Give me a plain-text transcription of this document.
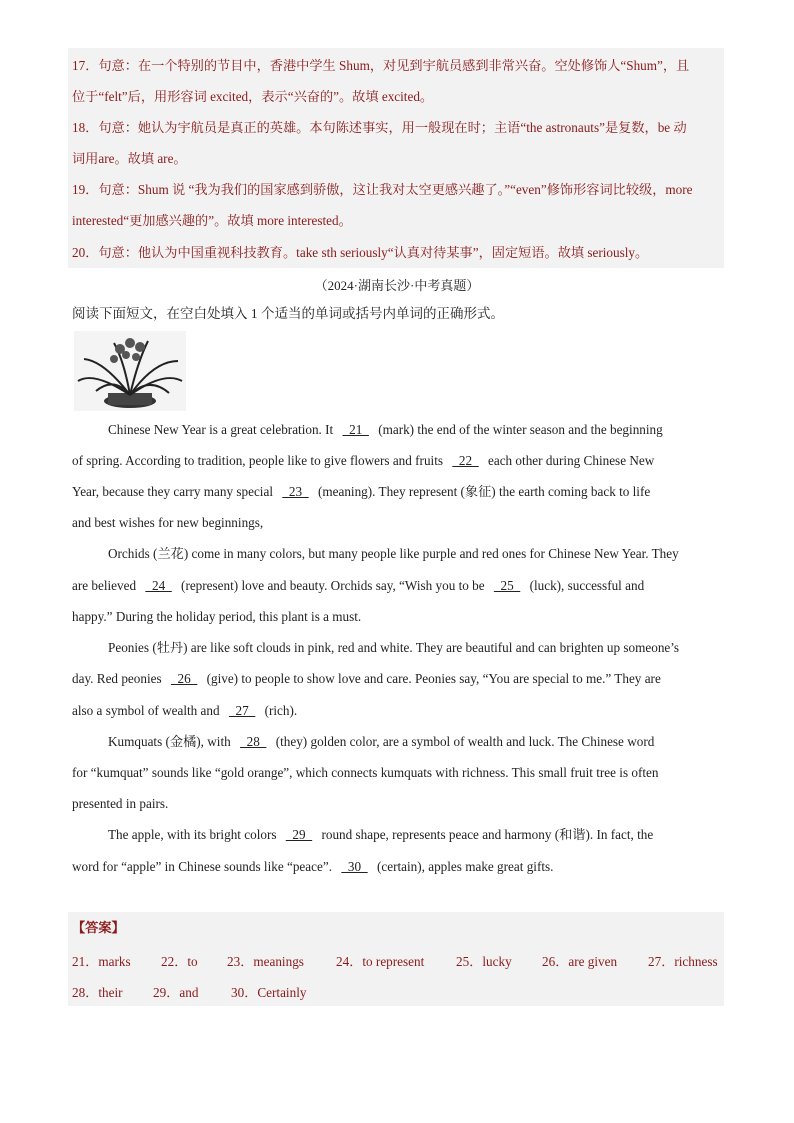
17．句意：在一个特别的节目中，香港中学生 Shum，对见到宇航员感到非常兴奋。空处修饰人“Shum”，且
位于“felt”后，用形容词 excited，表示“兴奋的”。故填 excited。
18．句意：她认为宇航员是真正的英雄。本句陈述事实，用一般现在时；主语“the astronauts”是复数，be 动
词用are。故填 are。
19．句意：Shum 说 “我为我们的国家感到骄傲，这让我对太空更感兴趣了。”“even”修饰形容词比较级，more
interested“更加感兴趣的”。故填 more interested。
20．句意：他认为中国重视科技教育。take sth seriously“认真对待某事”，固定短语。故填 seriously。
（2024·湖南长沙·中考真题）
阅读下面短文，在空白处填入 1 个适当的单词或括号内单词的正确形式。
Chinese New Year is a great celebration. It   21   (mark) the end of the winter season and the beginning
of spring. According to tradition, people like to give flowers and fruits   22   each other during Chinese New
Year, because they carry many special   23   (meaning). They represent (象征) the earth coming back to life
and best wishes for new beginnings,
Orchids (兰花) come in many colors, but many people like purple and red ones for Chinese New Year. They
are believed   24   (represent) love and beauty. Orchids say, “Wish you to be   25   (luck), successful and
happy.” During the holiday period, this plant is a must.
Peonies (牡丹) are like soft clouds in pink, red and white. They are beautiful and can brighten up someone’s
day. Red peonies   26   (give) to people to show love and care. Peonies say, “You are special to me.” They are
also a symbol of wealth and   27   (rich).
Kumquats (金橘), with   28   (they) golden color, are a symbol of wealth and luck. The Chinese word
for “kumquat” sounds like “gold orange”, which connects kumquats with richness. This small fruit tree is often
presented in pairs.
The apple, with its bright colors   29   round shape, represents peace and harmony (和谐). In fact, the
word for “apple” in Chinese sounds like “peace”.   30   (certain), apples make great gifts.
【答案】
21．marks 22．to 23．meanings 24．to represent 25．lucky 26．are given 27．richness
28．their 29．and 30．Certainly
